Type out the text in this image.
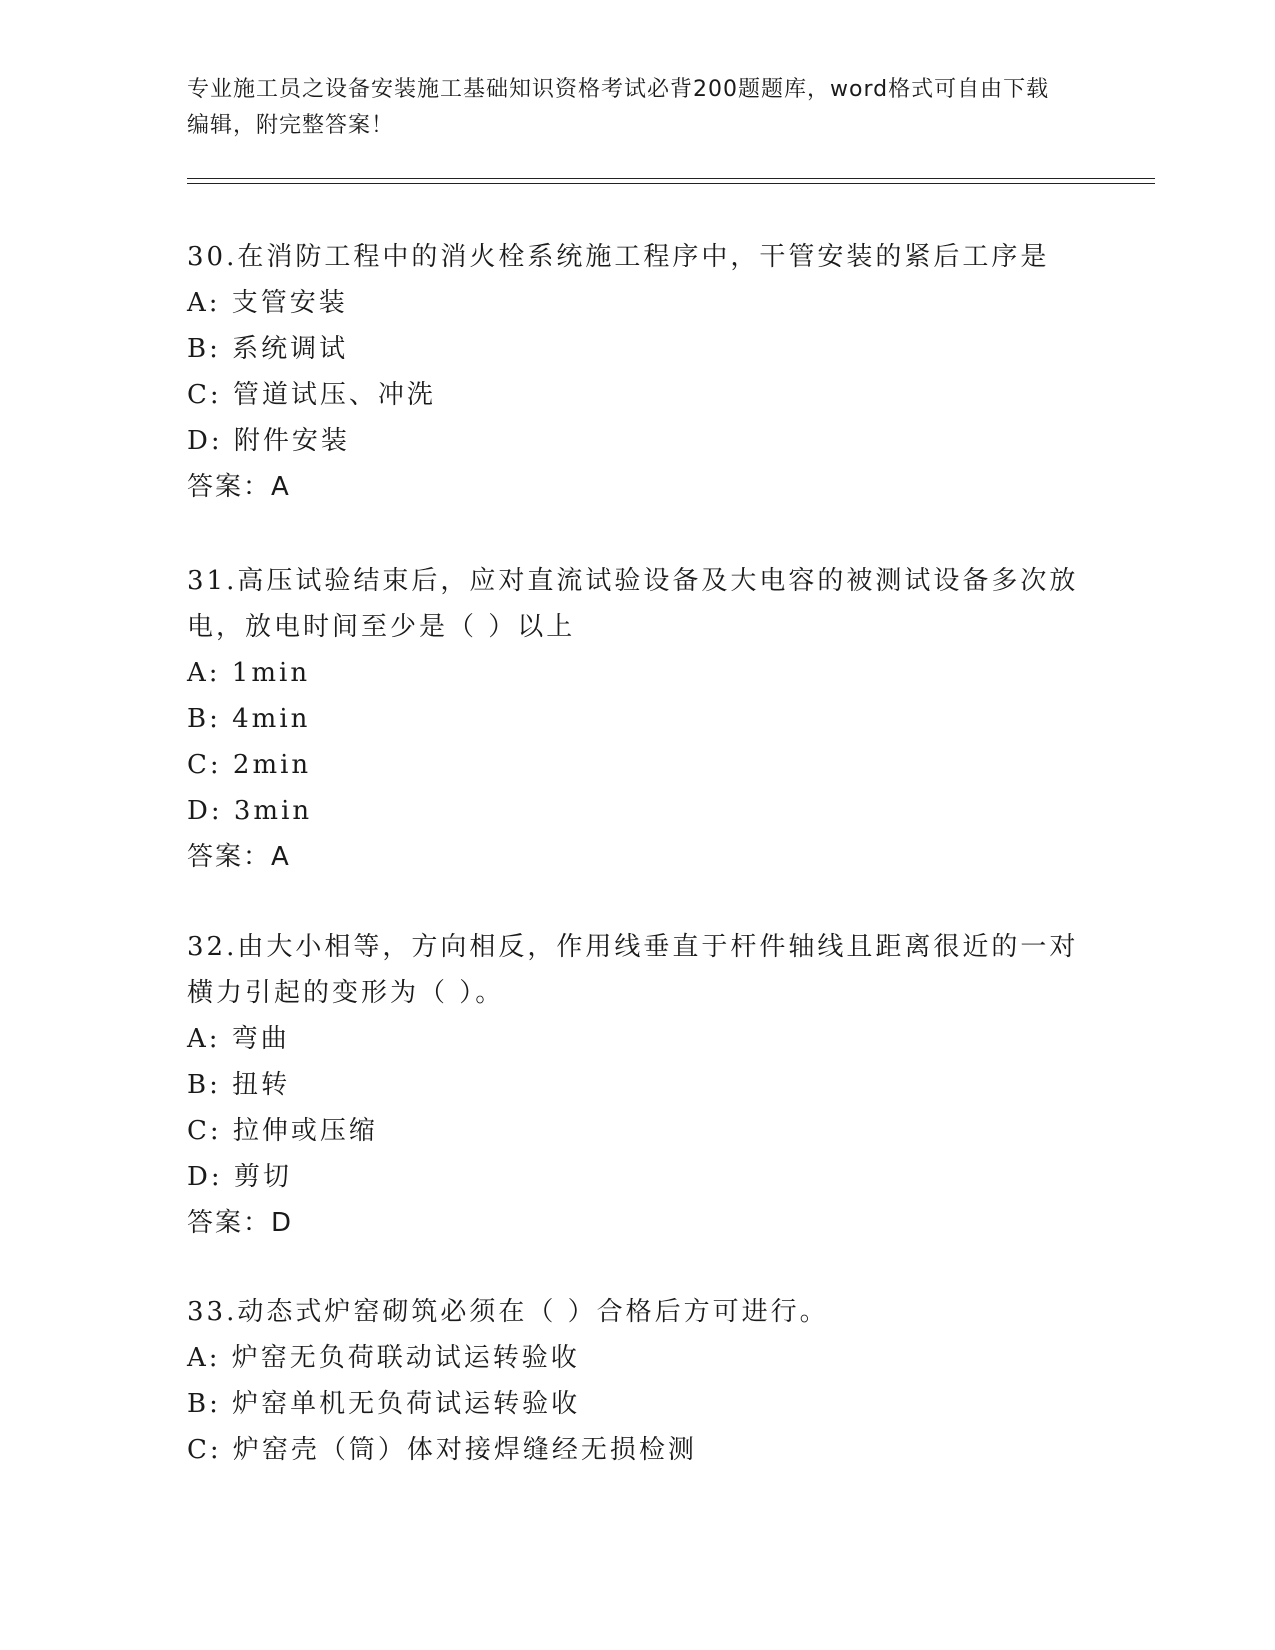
专业施工员之设备安装施工基础知识资格考试必背200题题库，word格式可自由下载编辑，附完整答案！
30.在消防工程中的消火栓系统施工程序中，干管安装的紧后工序是
A: 支管安装
B: 系统调试
C: 管道试压、冲洗
D: 附件安装
答案：A
31.高压试验结束后，应对直流试验设备及大电容的被测试设备多次放电，放电时间至少是（ ）以上
A: 1min
B: 4min
C: 2min
D: 3min
答案：A
32.由大小相等，方向相反，作用线垂直于杆件轴线且距离很近的一对横力引起的变形为（ ）。
A: 弯曲
B: 扭转
C: 拉伸或压缩
D: 剪切
答案：D
33.动态式炉窑砌筑必须在（ ）合格后方可进行。
A: 炉窑无负荷联动试运转验收
B: 炉窑单机无负荷试运转验收
C: 炉窑壳（筒）体对接焊缝经无损检测
